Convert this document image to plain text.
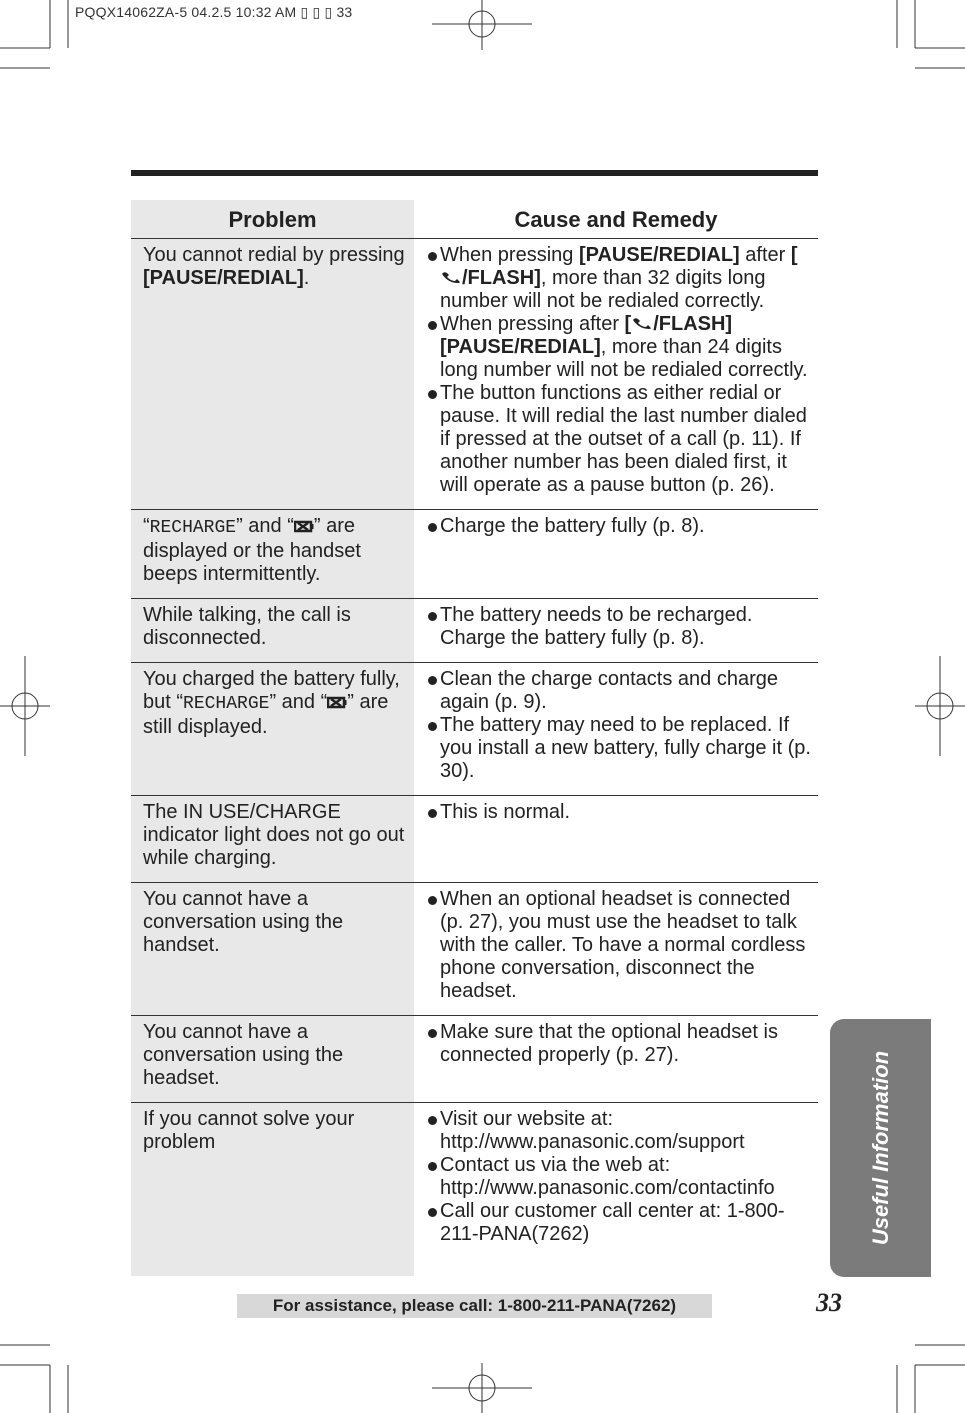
PQQX14062ZA-5 04.2.5 10:32 AM ▯ ▯ ▯ 33
Problem	Cause and Remedy
You cannot redial by pressing [PAUSE/REDIAL].	When pressing [PAUSE/REDIAL] after [/FLASH], more than 32 digits long number will not be redialed correctly.
When pressing after [ /FLASH] [PAUSE/REDIAL], more than 24 digits long number will not be redialed correctly.
The button functions as either redial or pause. It will redial the last number dialed if pressed at the outset of a call (p. 11). If another number has been dialed first, it will operate as a pause button (p. 26).

“RECHARGE” and “ ” are displayed or the handset beeps intermittently.	Charge the battery fully (p. 8).

While talking, the call is disconnected.	The battery needs to be recharged. Charge the battery fully (p. 8).

You charged the battery fully, but “RECHARGE” and “ ” are still displayed.	Clean the charge contacts and charge again (p. 9).
The battery may need to be replaced. If you install a new battery, fully charge it (p. 30).

The IN USE/CHARGE indicator light does not go out while charging.	This is normal.

You cannot have a conversation using the handset.	When an optional headset is connected (p. 27), you must use the headset to talk with the caller. To have a normal cordless phone conversation, disconnect the headset.

You cannot have a conversation using the headset.	Make sure that the optional headset is connected properly (p. 27).

If you cannot solve your problem	Visit our website at: http://www.panasonic.com/support
Contact us via the web at: http://www.panasonic.com/contactinfo
Call our customer call center at: 1-800-211-PANA(7262)	Useful Information
33
For assistance, please call: 1-800-211-PANA(7262)
